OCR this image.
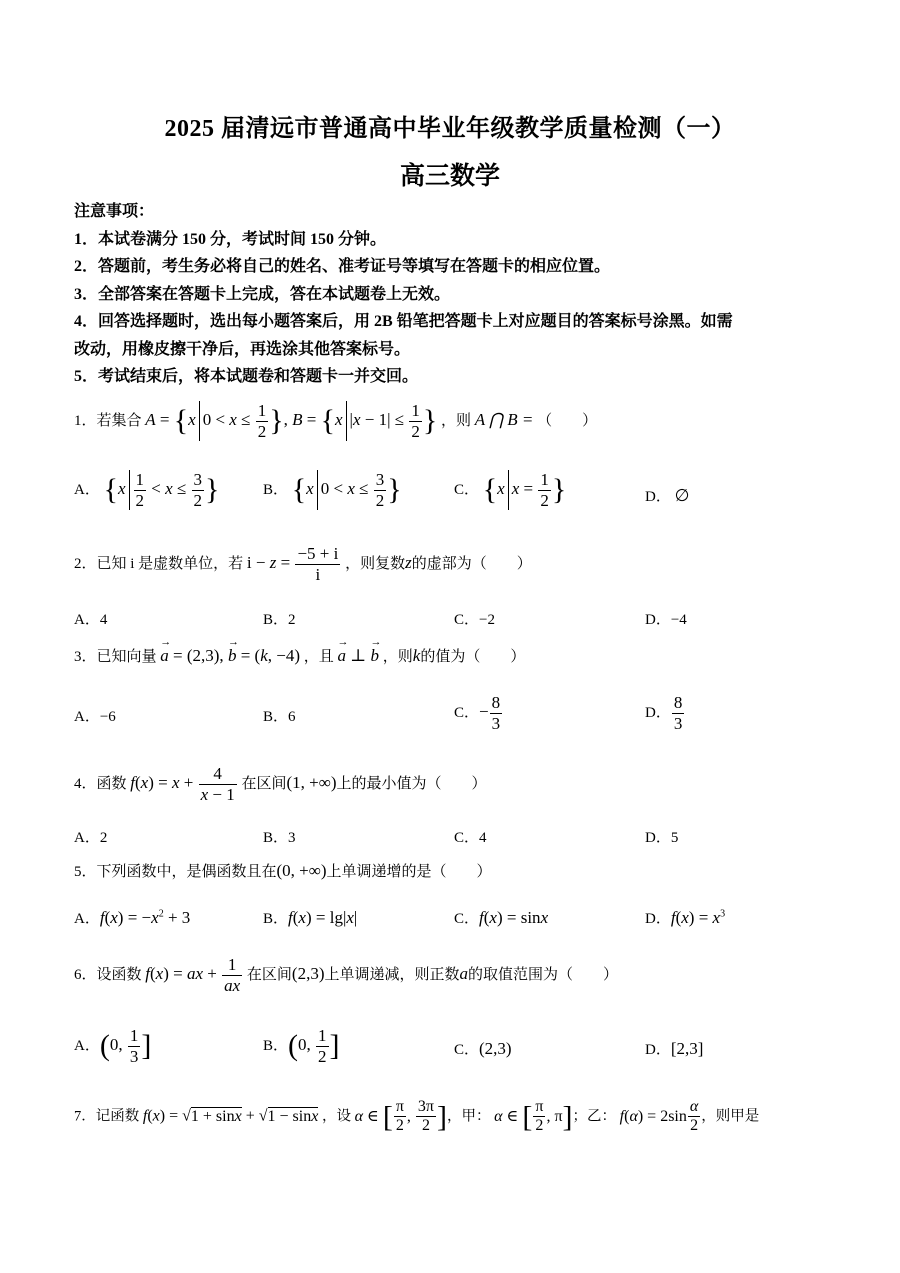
2025 届清远市普通高中毕业年级教学质量检测（一）
高三数学
注意事项：
1．本试卷满分 150 分，考试时间 150 分钟。
2．答题前，考生务必将自己的姓名、准考证号等填写在答题卡的相应位置。
3．全部答案在答题卡上完成，答在本试题卷上无效。
4．回答选择题时，选出每小题答案后，用 2B 铅笔把答题卡上对应题目的答案标号涂黑。如需
改动，用橡皮擦干净后，再选涂其他答案标号。
5．考试结束后，将本试题卷和答题卡一并交回。
1．若集合 A = {x $0 < x \le \frac{1}{2}$ }, B = {x $|x - 1| \le \frac{1}{2}$ } ，则 A ⋂ B = （　　）
A． {$x \frac{1}{2} < x \le \frac{3}{2}$ }	B． {x $0 < x \le \frac{3}{2}$ }	C． {x $x = \frac{1}{2}$ }	D． ∅
2．已知 i 是虚数单位，若 $i - z = \frac{-5 + i}{i}$ ，则复数z的虚部为（　　）
A．4	B．2	C．−2	D．−4
3．已知向量 → a = (2,3), → b = (k, −4) ，且 → a ⊥ → b ，则k的值为（　　）
A．−6	B．6	C．− $\frac{8}{3}$	D． $\frac{8}{3}$
4．函数 $f(x) = x + \frac{4}{x - 1}$ 在区间(1, +∞)上的最小值为（　　）
A．2	B．3	C．4	D．5
5．下列函数中，是偶函数且在(0, +∞)上单调递增的是（　　）
A．$f(x) = -x^2 + 3$	B．f(x) = lg|x|	C．f(x) = sinx	D．$f(x) = x^3$
6．设函数 f(x) = ax + $\frac{1}{ax}$ 在区间(2,3)上单调递减，则正数a的取值范围为（　　）
A．(0, $\frac{1}{3}$ ]	B．(0, $\frac{1}{2}$ ]	C．(2,3)	D．[2,3]
7．记函数 f(x) = √1 + sinx + √1 − sinx ，设 α ∈ [ $\frac{\pi}{2}$ , $\frac{3\pi}{2}$ ]，甲： α ∈ [ $\frac{\pi}{2}$ , π]；乙： $f(\alpha) = 2\sin \frac{\alpha}{2}$ ，则甲是
